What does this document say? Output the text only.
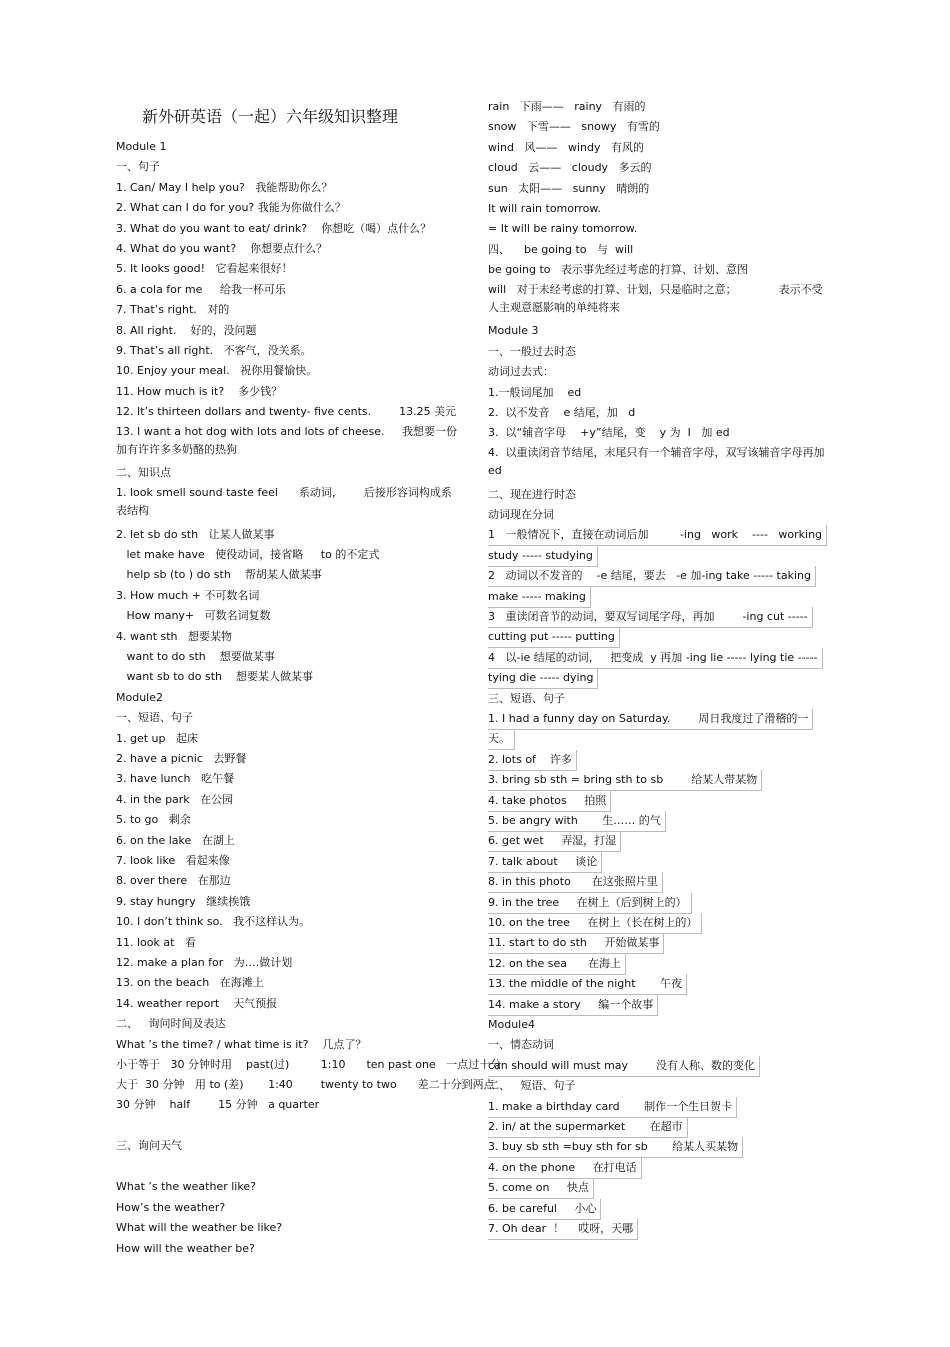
新外研英语（一起）六年级知识整理
Module 1
一、句子
1. Can/ May I help you?   我能帮助你么？
2. What can I do for you? 我能为你做什么？
3. What do you want to eat/ drink?    你想吃（喝）点什么？
4. What do you want?    你想要点什么？
5. It looks good!   它看起来很好！
6. a cola for me     给我一杯可乐
7. That’s right.   对的
8. All right.    好的，没问题
9. That’s all right.   不客气，没关系。
10. Enjoy your meal.   祝你用餐愉快。
11. How much is it?    多少钱？
12. It’s thirteen dollars and twenty- five cents.        13.25 美元
13. I want a hot dog with lots and lots of cheese.     我想要一份加有许许多多奶酪的热狗
二、知识点
1. look smell sound taste feel      系动词，      后接形容词构成系表结构
2. let sb do sth   让某人做某事
let make have   使役动词，接省略     to 的不定式
help sb (to ) do sth    帮胡某人做某事
3. How much + 不可数名词
How many+   可数名词复数
4. want sth   想要某物
want to do sth    想要做某事
want sb to do sth    想要某人做某事
Module2
一、短语、句子
1. get up   起床
2. have a picnic   去野餐
3. have lunch   吃午餐
4. in the park   在公园
5. to go   剩余
6. on the lake   在湖上
7. look like   看起来像
8. over there   在那边
9. stay hungry   继续挨饿
10. I don’t think so.   我不这样认为。
11. look at   看
12. make a plan for   为….做计划
13. on the beach   在海滩上
14. weather report    天气预报
二、   询问时间及表达
What ’s the time? / what time is it?    几点了？
小于等于   30 分钟时用    past(过)         1:10      ten past one   一点过十分
大于  30 分钟   用 to (差)       1:40        twenty to two      差二十分到两点
30 分钟    half        15 分钟   a quarter
三、询问天气
What ’s the weather like?
How’s the weather?
What will the weather be like?
How will the weather be?
rain   下雨——   rainy   有雨的
snow   下雪——   snowy   有雪的
wind   风——   windy   有风的
cloud   云——   cloudy   多云的
sun   太阳——   sunny   晴朗的
It will rain tomorrow.
= It will be rainy tomorrow.
四、    be going to   与  will
be going to   表示事先经过考虑的打算、计划、意图
will   对于未经考虑的打算、计划，只是临时之意；            表示不受人主观意愿影响的单纯将来
Module 3
一、一般过去时态
动词过去式：
1.一般词尾加    ed
2.  以不发音    e 结尾，加   d
3.  以“辅音字母    +y”结尾，变    y 为  I   加 ed
4.  以重读闭音节结尾，末尾只有一个辅音字母，双写该辅音字母再加    ed
二、现在进行时态
动词现在分词
1   一般情况下，直接在动词后加         -ing   work    ----   working
study ----- studying
2   动词以不发音的    -e 结尾，要去   -e 加-ing take ----- taking
make ----- making
3   重读闭音节的动词，要双写词尾字母，再加        -ing cut -----
cutting put ----- putting
4   以-ie 结尾的动词，   把变成  y 再加 -ing lie ----- lying tie -----
tying die ----- dying
三、短语、句子
1. I had a funny day on Saturday.        周日我度过了滑稽的一
天。
2. lots of    许多
3. bring sb sth = bring sth to sb        给某人带某物
4. take photos     拍照
5. be angry with       生…… 的气
6. get wet     弄湿，打湿
7. talk about     谈论
8. in this photo      在这张照片里
9. in the tree     在树上（后到树上的）
10. on the tree     在树上（长在树上的）
11. start to do sth     开始做某事
12. on the sea      在海上
13. the middle of the night       午夜
14. make a story     编一个故事
Module4
一、情态动词
can should will must may        没有人称、数的变化
二、   短语、句子
1. make a birthday card       制作一个生日贺卡
2. in/ at the supermarket       在超市
3. buy sb sth =buy sth for sb       给某人买某物
4. on the phone     在打电话
5. come on     快点
6. be careful     小心
7. Oh dear  ！    哎呀，天哪
